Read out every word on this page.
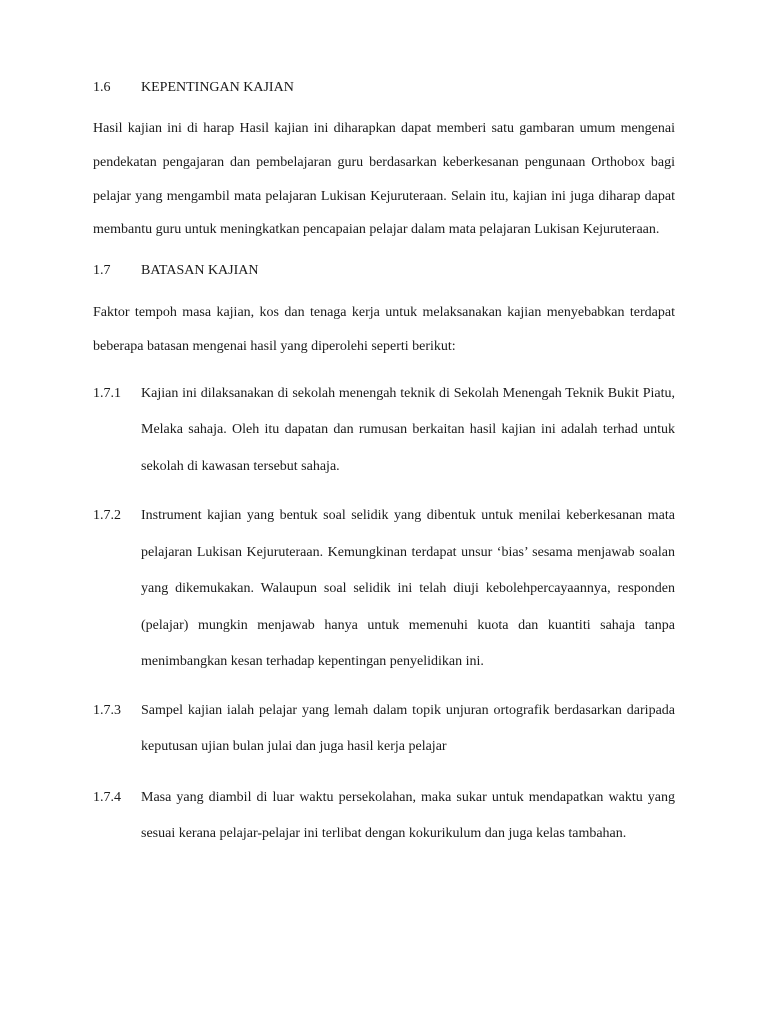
1.6	KEPENTINGAN KAJIAN

Hasil kajian ini di harap Hasil kajian ini diharapkan dapat memberi satu gambaran umum mengenai pendekatan pengajaran dan pembelajaran guru berdasarkan keberkesanan pengunaan Orthobox bagi pelajar yang mengambil mata pelajaran Lukisan Kejuruteraan. Selain itu, kajian ini juga diharap dapat membantu guru untuk meningkatkan pencapaian pelajar dalam mata pelajaran Lukisan Kejuruteraan.

1.7	BATASAN KAJIAN

Faktor tempoh masa kajian, kos dan tenaga kerja untuk melaksanakan kajian menyebabkan terdapat beberapa batasan mengenai hasil yang diperolehi seperti berikut:

1.7.1	Kajian ini dilaksanakan di sekolah menengah teknik di Sekolah Menengah Teknik Bukit Piatu, Melaka sahaja. Oleh itu dapatan dan rumusan berkaitan hasil kajian ini adalah terhad untuk sekolah di kawasan tersebut sahaja.
1.7.2	Instrument kajian yang bentuk soal selidik yang dibentuk untuk menilai keberkesanan mata pelajaran Lukisan Kejuruteraan. Kemungkinan terdapat unsur ‘bias’ sesama menjawab soalan yang dikemukakan. Walaupun soal selidik ini telah diuji kebolehpercayaannya, responden (pelajar) mungkin menjawab hanya untuk memenuhi kuota dan kuantiti sahaja tanpa menimbangkan kesan terhadap kepentingan penyelidikan ini.
1.7.3	Sampel kajian ialah pelajar yang lemah dalam topik unjuran ortografik berdasarkan daripada keputusan ujian bulan julai dan juga hasil kerja pelajar
1.7.4	Masa yang diambil di luar waktu persekolahan, maka sukar untuk mendapatkan waktu yang sesuai kerana pelajar-pelajar ini terlibat dengan kokurikulum dan juga kelas tambahan.
